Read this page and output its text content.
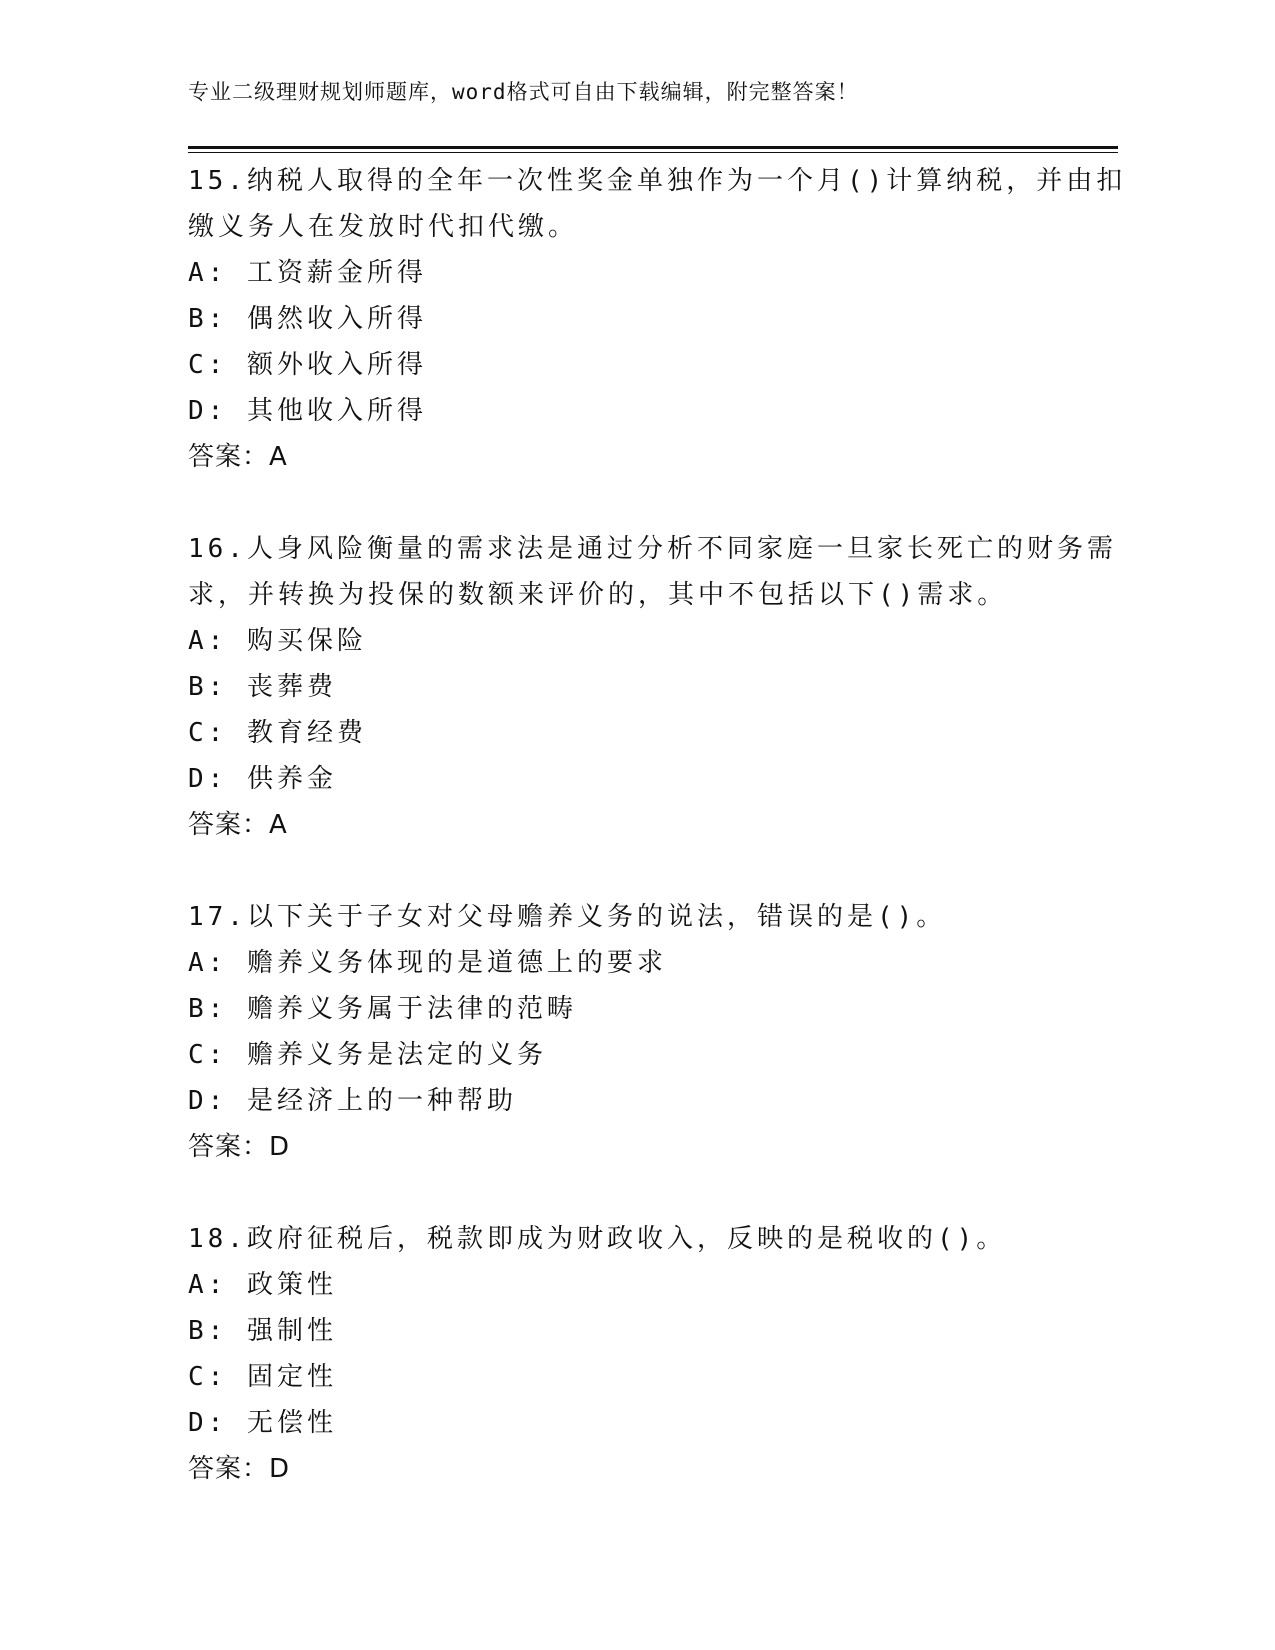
专业二级理财规划师题库，word格式可自由下载编辑，附完整答案！
15.纳税人取得的全年一次性奖金单独作为一个月()计算纳税，并由扣
缴义务人在发放时代扣代缴。
A: 工资薪金所得
B: 偶然收入所得
C: 额外收入所得
D: 其他收入所得
答案：A
16.人身风险衡量的需求法是通过分析不同家庭一旦家长死亡的财务需
求，并转换为投保的数额来评价的，其中不包括以下()需求。
A: 购买保险
B: 丧葬费
C: 教育经费
D: 供养金
答案：A
17.以下关于子女对父母赡养义务的说法，错误的是()。
A: 赡养义务体现的是道德上的要求
B: 赡养义务属于法律的范畴
C: 赡养义务是法定的义务
D: 是经济上的一种帮助
答案：D
18.政府征税后，税款即成为财政收入，反映的是税收的()。
A: 政策性
B: 强制性
C: 固定性
D: 无偿性
答案：D
